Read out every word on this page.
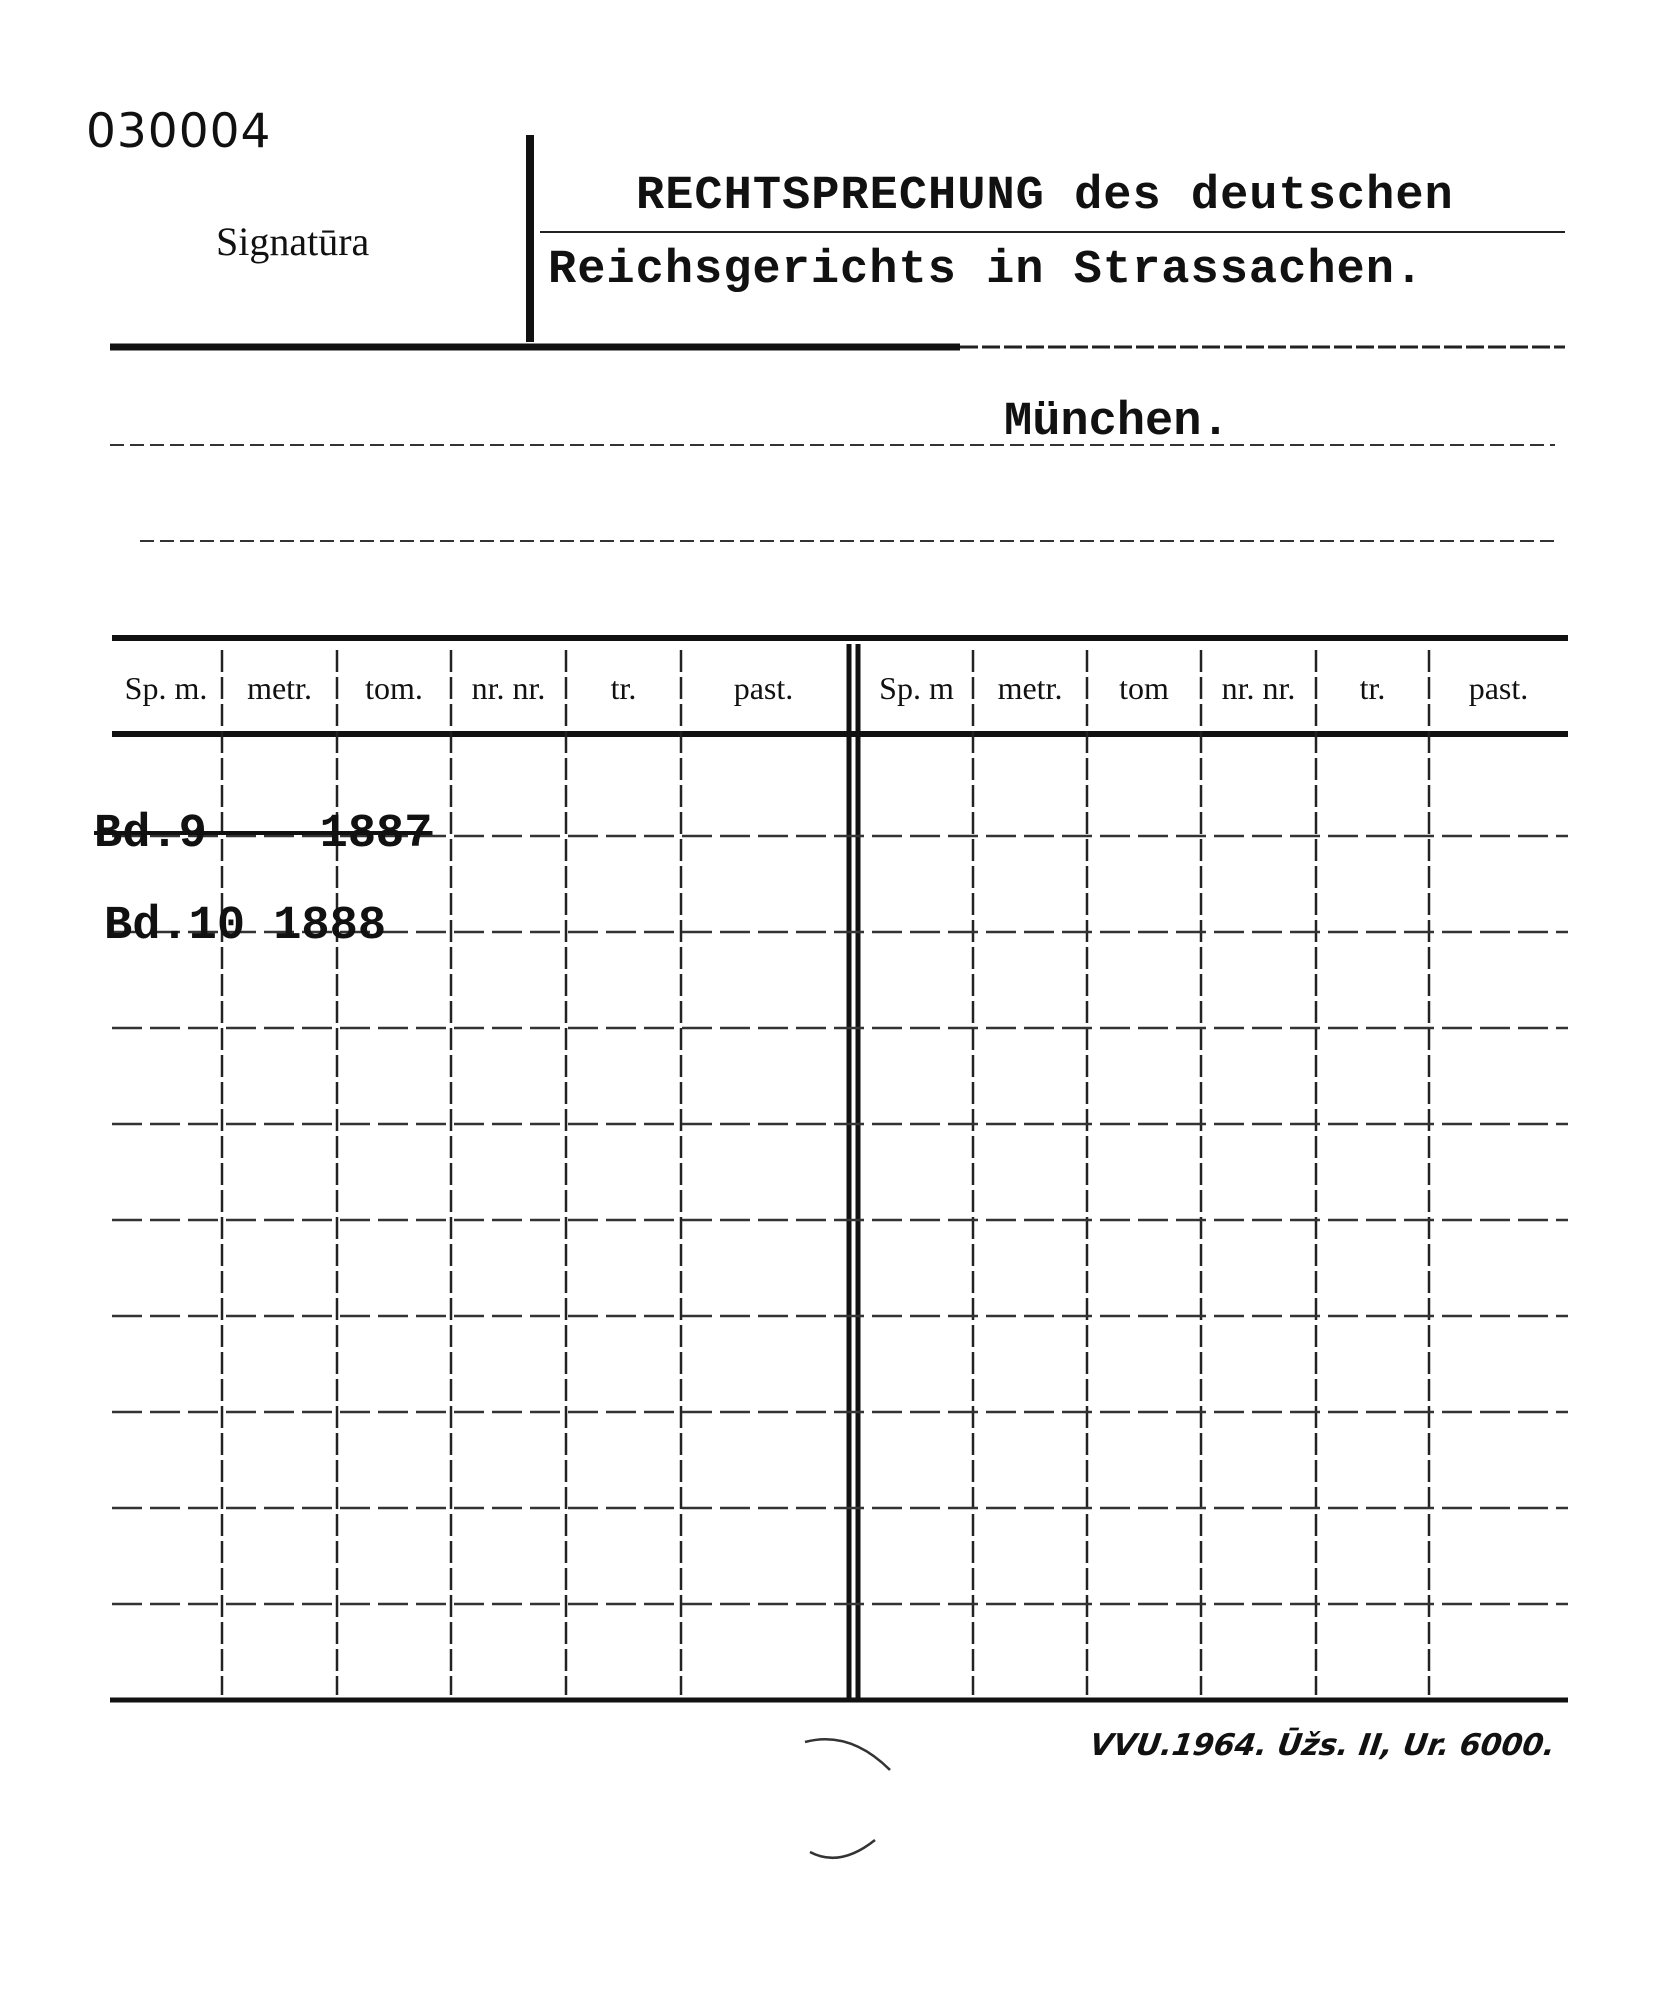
030004
Signatūra
RECHTSPRECHUNG des deutschen
Reichsgerichts in Strassachen.
München.
Sp. m.	metr.	tom.	nr. nr.	tr.	past.	Sp. m	metr.	tom	nr. nr.	tr.	past.
Bd.9    1887
Bd.10 1888
VVU.1964. Ūžs. II, Ur. 6000.
